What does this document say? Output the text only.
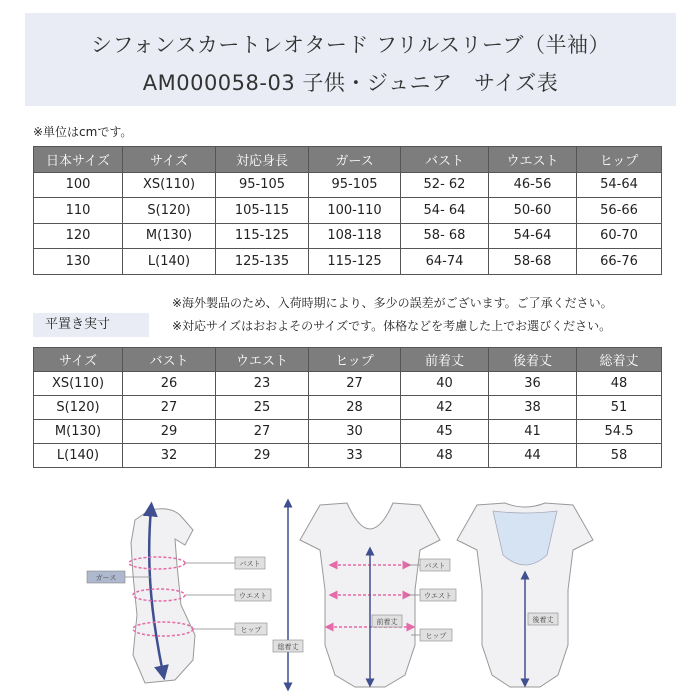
シフォンスカートレオタード フリルスリーブ（半袖）
AM000058-03 子供・ジュニア　サイズ表
※単位はcmです。
日本サイズ	サイズ	対応身長	ガース	バスト	ウエスト	ヒップ
100	XS(110)	95-105	95-105	52- 62	46-56	54-64
110	S(120)	105-115	100-110	54- 64	50-60	56-66
120	M(130)	115-125	108-118	58- 68	54-64	60-70
130	L(140)	125-135	115-125	64-74	58-68	66-76
※海外製品のため、入荷時期により、多少の誤差がございます。ご了承ください。
※対応サイズはおおよそのサイズです。体格などを考慮した上でお選びください。
平置き実寸
サイズ	バスト	ウエスト	ヒップ	前着丈	後着丈	総着丈
XS(110)	26	23	27	40	36	48
S(120)	27	25	28	42	38	51
M(130)	29	27	30	45	41	54.5
L(140)	32	29	33	48	44	58
ガース
バスト
ウエスト
ヒップ
総着丈
前着丈
バスト
ウエスト
ヒップ
後着丈
